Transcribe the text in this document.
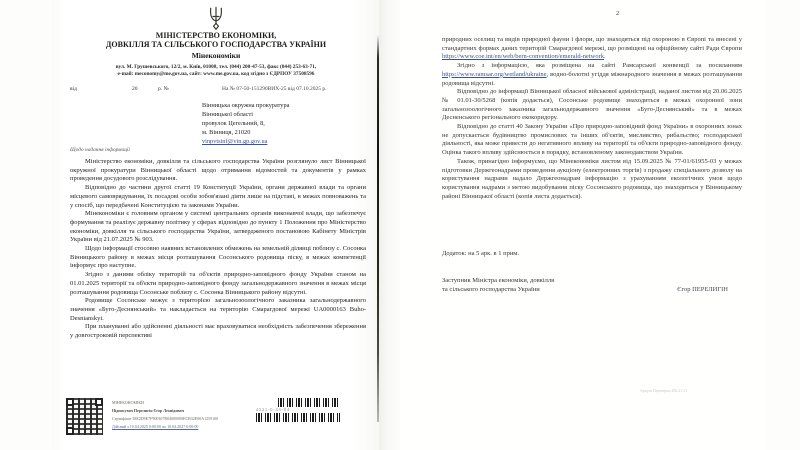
МІНІСТЕРСТВО ЕКОНОМІКИ,
ДОВКІЛЛЯ ТА СІЛЬСЬКОГО ГОСПОДАРСТВА УКРАЇНИ
Мінекономіки
вул. М. Грушевського, 12/2, м. Київ, 01008, тел. (044) 200-47-53, факс (044) 253-63-71,
e-mail: meconomy@me.gov.ua, сайт: www.me.gov.ua, код згідно з ЄДРПОУ 37508596
від	20	р. №	На № 07-50-151290ВИХ-25 від 07.10.2025 р.
Вінницька окружна прокуратура
Вінницької області
провулок Цегельний, 8,
м. Вінниця, 21020
vinpvtsinf@vin.gp.gov.ua
Щодо надання інформації

Міністерство економіки, довкілля та сільського господарства України розглянуло лист Вінницької окружної прокуратури Вінницької області щодо отримання відомостей та документів у рамках проведення досудового розслідування.

Відповідно до частини другої статті 19 Конституції України, органи державної влади та органи місцевого самоврядування, їх посадові особи зобов'язані діяти лише на підставі, в межах повноважень та у спосіб, що передбачені Конституцією та законами України.

Мінекономіки є головним органом у системі центральних органів виконавчої влади, що забезпечує формування та реалізує державну політику у сферах відповідно до пункту 1 Положення про Міністерство економіки, довкілля та сільського господарства України, затвердженого постановою Кабінету Міністрів України від 21.07.2025 № 903.

Щодо інформації стосовно наявних встановлених обмежень на земельній ділянці поблизу с. Сосонка Вінницького району в межах місця розташування Сосонського родовища піску, в межах компетенції інформує про наступне.

Згідно з даними обліку територій та об'єктів природно-заповідного фонду України станом на 01.01.2025 території та об'єкти природно-заповідного фонду загальнодержавного значення в межах місця розташування родовища Сосонське поблизу с. Сосонка Вінницького району відсутні.

Родовище Сосонське межує з територією загальнозоологічного заказника загальнодержавного значення «Буго-Деснянський» та накладається на територію Смарагдової мережі UA0000163 Buho-Desnianskyi.

При плануванні або здійсненні діяльності має враховуватися необхідність забезпечення збереження у довгостроковій перспективі

МІНЕКОНОМІКИ
Підписувач Перелигін Єгор Леонідович
Сертифікат 58E2D9E7F900307B04000000ECB32E00A1259100
Дійсний з 10.04.2025 0:00:00 по 10.04.2027 0:00:00
4221-0-43-04
2

природних оселищ та видів природної фауни і флори, що знаходяться під охороною в Європі та внесені у стандартних формах даних територій Смарагдової мережі, що розміщені на офіційному сайті Ради Європи https://www.coe.int/en/web/bern-convention/emerald-network.

Згідно з інформацією, яка розміщена на сайті Рамсарської конвенції за посиланням https://www.ramsar.org/wetland/ukraine, водно-болотні угіддя міжнародного значення в межах розташування родовища відсутні.

Відповідно до інформації Вінницької обласної військової адміністрації, наданої листом від 20.06.2025 № 01.01-30/5268 (копія додається), Сосонське родовище знаходиться в межах охоронної зони загальнозоологічного заказника загальнодержавного значення «Буго-Деснянський» та в межах Десненського регіонального екокоридору.

Відповідно до статті 40 Закону України «Про природно-заповідний фонд України» в охоронних зонах не допускається будівництво промислових та інших об'єктів, мисливство, рибальство; господарської діяльності, яка може привести до негативного впливу на території та об'єкти природно-заповідного фонду. Оцінка такого впливу здійснюється в порядку, встановленому законодавством України.

Також, принагідно інформуємо, що Мінекономіки листом від 15.09.2025 № 77-01/61955-03 у межах підготовки Держгеонадрами проведення аукціону (електронних торгів) з продажу спеціального дозволу на користування надрами надало Держгеонадрам інформацію з урахуванням екологічних умов щодо користування надрами з метою видобування піску Сосонського родовища, що знаходиться у Вінницькому районі Вінницької області (копія листа додається).

Додаток: на 5 арк. в 1 прим.
Заступник Міністра економіки, довкілля
та сільського господарства України	Єгор ПЕРЕЛИГІН
Аркуш Перевірки 206.21.21
